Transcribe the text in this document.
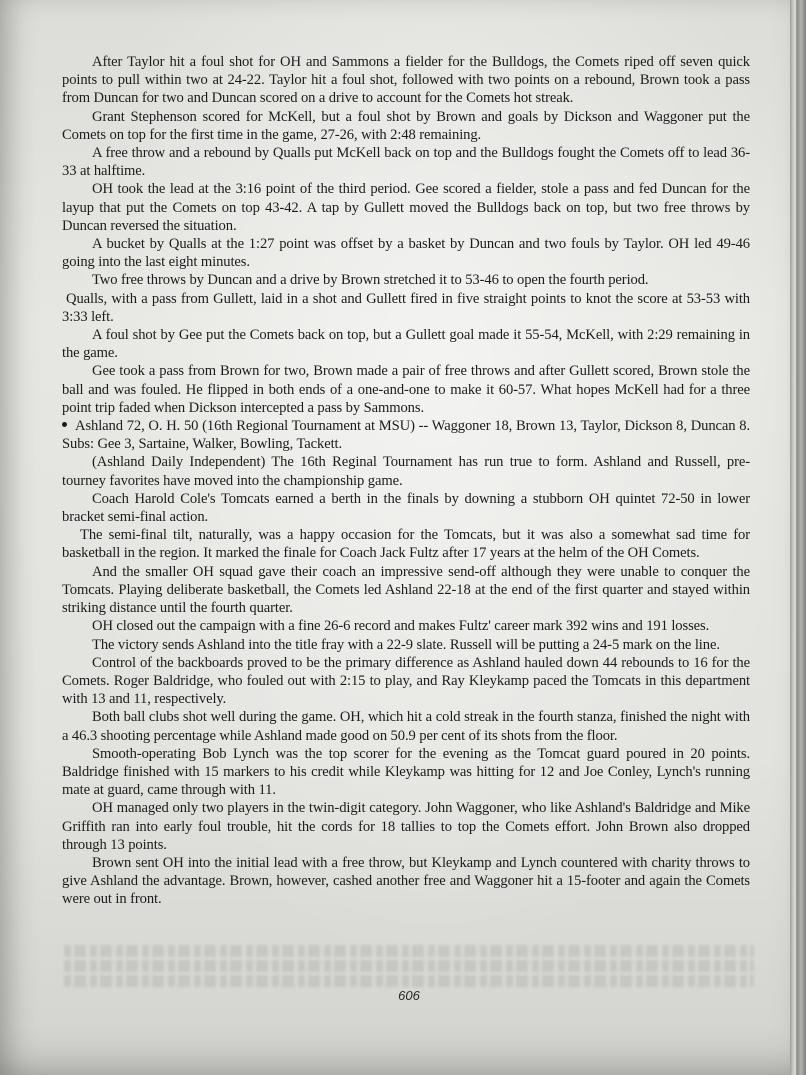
After Taylor hit a foul shot for OH and Sammons a fielder for the Bulldogs, the Comets riped off seven quick points to pull within two at 24-22. Taylor hit a foul shot, followed with two points on a rebound, Brown took a pass from Duncan for two and Duncan scored on a drive to account for the Comets hot streak.

Grant Stephenson scored for McKell, but a foul shot by Brown and goals by Dickson and Waggoner put the Comets on top for the first time in the game, 27-26, with 2:48 remaining.

A free throw and a rebound by Qualls put McKell back on top and the Bulldogs fought the Comets off to lead 36-33 at halftime.

OH took the lead at the 3:16 point of the third period. Gee scored a fielder, stole a pass and fed Duncan for the layup that put the Comets on top 43-42. A tap by Gullett moved the Bulldogs back on top, but two free throws by Duncan reversed the situation.

A bucket by Qualls at the 1:27 point was offset by a basket by Duncan and two fouls by Taylor. OH led 49-46 going into the last eight minutes.

Two free throws by Duncan and a drive by Brown stretched it to 53-46 to open the fourth period.

Qualls, with a pass from Gullett, laid in a shot and Gullett fired in five straight points to knot the score at 53-53 with 3:33 left.

A foul shot by Gee put the Comets back on top, but a Gullett goal made it 55-54, McKell, with 2:29 remaining in the game.

Gee took a pass from Brown for two, Brown made a pair of free throws and after Gullett scored, Brown stole the ball and was fouled. He flipped in both ends of a one-and-one to make it 60-57. What hopes McKell had for a three point trip faded when Dickson intercepted a pass by Sammons.

Ashland 72, O. H. 50 (16th Regional Tournament at MSU) -- Waggoner 18, Brown 13, Taylor, Dickson 8, Duncan 8. Subs: Gee 3, Sartaine, Walker, Bowling, Tackett.

(Ashland Daily Independent) The 16th Reginal Tournament has run true to form. Ashland and Russell, pre-tourney favorites have moved into the championship game.

Coach Harold Cole's Tomcats earned a berth in the finals by downing a stubborn OH quintet 72-50 in lower bracket semi-final action.

The semi-final tilt, naturally, was a happy occasion for the Tomcats, but it was also a somewhat sad time for basketball in the region. It marked the finale for Coach Jack Fultz after 17 years at the helm of the OH Comets.

And the smaller OH squad gave their coach an impressive send-off although they were unable to conquer the Tomcats. Playing deliberate basketball, the Comets led Ashland 22-18 at the end of the first quarter and stayed within striking distance until the fourth quarter.

OH closed out the campaign with a fine 26-6 record and makes Fultz' career mark 392 wins and 191 losses.

The victory sends Ashland into the title fray with a 22-9 slate. Russell will be putting a 24-5 mark on the line.

Control of the backboards proved to be the primary difference as Ashland hauled down 44 rebounds to 16 for the Comets. Roger Baldridge, who fouled out with 2:15 to play, and Ray Kleykamp paced the Tomcats in this department with 13 and 11, respectively.

Both ball clubs shot well during the game. OH, which hit a cold streak in the fourth stanza, finished the night with a 46.3 shooting percentage while Ashland made good on 50.9 per cent of its shots from the floor.

Smooth-operating Bob Lynch was the top scorer for the evening as the Tomcat guard poured in 20 points. Baldridge finished with 15 markers to his credit while Kleykamp was hitting for 12 and Joe Conley, Lynch's running mate at guard, came through with 11.

OH managed only two players in the twin-digit category. John Waggoner, who like Ashland's Baldridge and Mike Griffith ran into early foul trouble, hit the cords for 18 tallies to top the Comets effort. John Brown also dropped through 13 points.

Brown sent OH into the initial lead with a free throw, but Kleykamp and Lynch countered with charity throws to give Ashland the advantage. Brown, however, cashed another free and Waggoner hit a 15-footer and again the Comets were out in front.

606
